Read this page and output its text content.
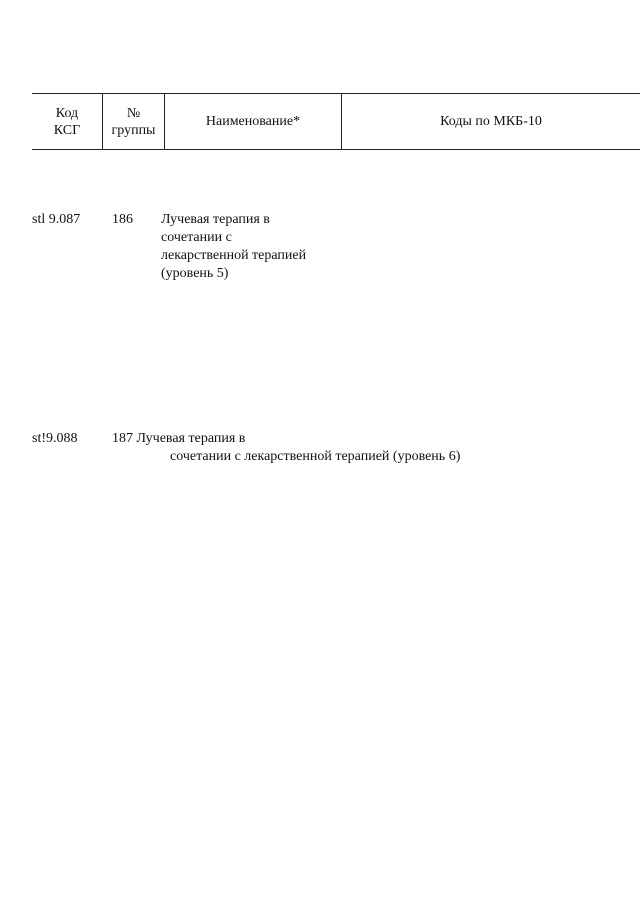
Код
КСГ
№
группы
Наименование*	Коды по МКБ-10
stl 9.087 186 Лучевая терапия в
сочетании с
лекарственной терапией
(уровень 5)
st!9.088 187 Лучевая терапия в
сочетании с лекарственной терапией (уровень 6)
